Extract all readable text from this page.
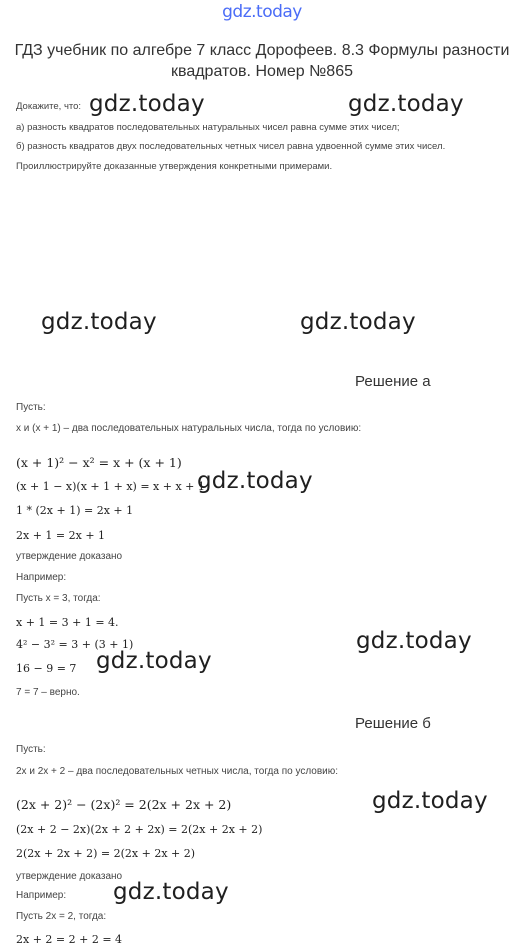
gdz.today
ГДЗ учебник по алгебре 7 класс Дорофеев. 8.3 Формулы разности квадратов. Номер №865
Докажите, что:
а) разность квадратов последовательных натуральных чисел равна сумме этих чисел;
б) разность квадратов двух последовательных четных чисел равна удвоенной сумме этих чисел.
Проиллюстрируйте доказанные утверждения конкретными примерами.
Решение а
Пусть:
x и (x + 1) – два последовательных натуральных числа, тогда по условию:
(x + 1)² − x² = x + (x + 1)
(x + 1 − x)(x + 1 + x) = x + x + 1
1 * (2x + 1) = 2x + 1
2x + 1 = 2x + 1
утверждение доказано
Например:
Пусть x = 3, тогда:
x + 1 = 3 + 1 = 4.
4² − 3² = 3 + (3 + 1)
16 − 9 = 7
7 = 7 – верно.
Решение б
Пусть:
2x и 2x + 2 – два последовательных четных числа, тогда по условию:
(2x + 2)² − (2x)² = 2(2x + 2x + 2)
(2x + 2 − 2x)(2x + 2 + 2x) = 2(2x + 2x + 2)
2(2x + 2x + 2) = 2(2x + 2x + 2)
утверждение доказано
Например:
Пусть 2x = 2, тогда:
2x + 2 = 2 + 2 = 4
gdz.today	gdz.today
gdz.today	gdz.today
gdz.today
gdz.today
gdz.today
gdz.today
gdz.today
